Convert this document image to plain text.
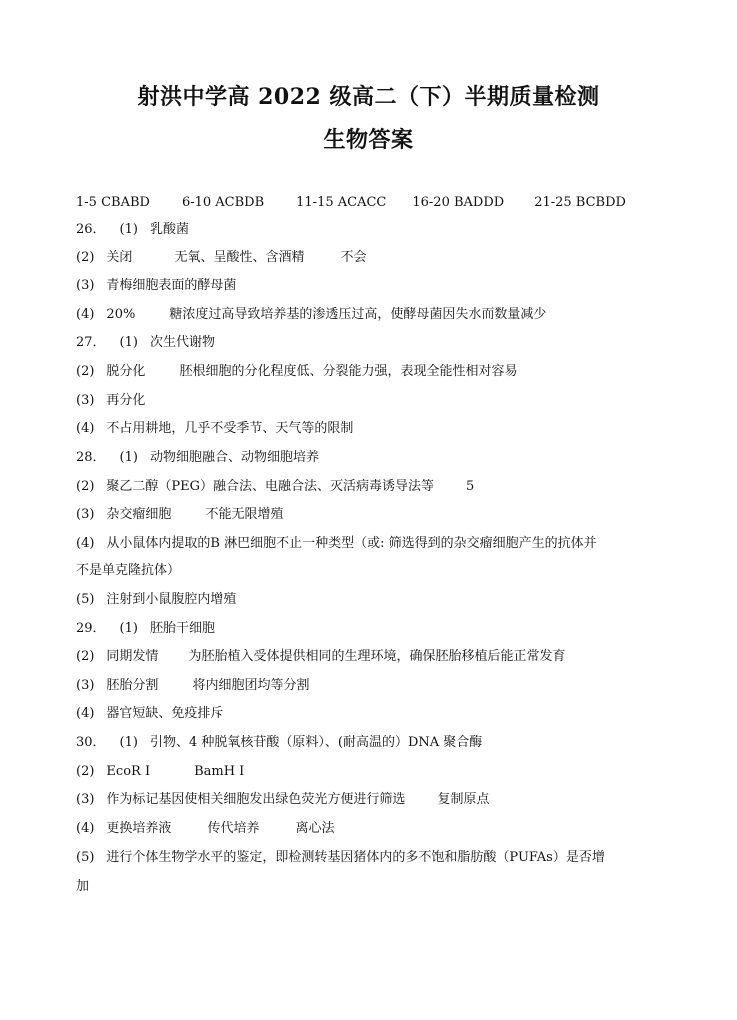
射洪中学高 2022 级高二（下）半期质量检测
生物答案
1-5 CBABD 6-10 ACBDB 11-15 ACACC 16-20 BADDD 21-25 BCBDD
26． (1) 乳酸菌
(2) 关闭	无氧、呈酸性、含酒精	不会
(3) 青梅细胞表面的酵母菌
(4) 20%	糖浓度过高导致培养基的渗透压过高，使酵母菌因失水而数量减少
27． (1) 次生代谢物
(2) 脱分化	胚根细胞的分化程度低、分裂能力强，表现全能性相对容易
(3) 再分化
(4) 不占用耕地，几乎不受季节、天气等的限制
28． (1) 动物细胞融合、动物细胞培养
(2) 聚乙二醇（PEG）融合法、电融合法、灭活病毒诱导法等 5
(3) 杂交瘤细胞	不能无限增殖
(4) 从小鼠体内提取的B 淋巴细胞不止一种类型（或: 筛选得到的杂交瘤细胞产生的抗体并
不是单克隆抗体）
(5) 注射到小鼠腹腔内增殖
29． (1) 胚胎干细胞
(2) 同期发情 为胚胎植入受体提供相同的生理环境，确保胚胎移植后能正常发育
(3) 胚胎分割	将内细胞团均等分割
(4) 器官短缺、免疫排斥
30． (1) 引物、4 种脱氧核苷酸（原料）、(耐高温的）DNA 聚合酶
(2) EcoR I	BamH I
(3) 作为标记基因使相关细胞发出绿色荧光方便进行筛选 复制原点
(4) 更换培养液	传代培养	离心法
(5) 进行个体生物学水平的鉴定，即检测转基因猪体内的多不饱和脂肪酸（PUFAs）是否增
加
